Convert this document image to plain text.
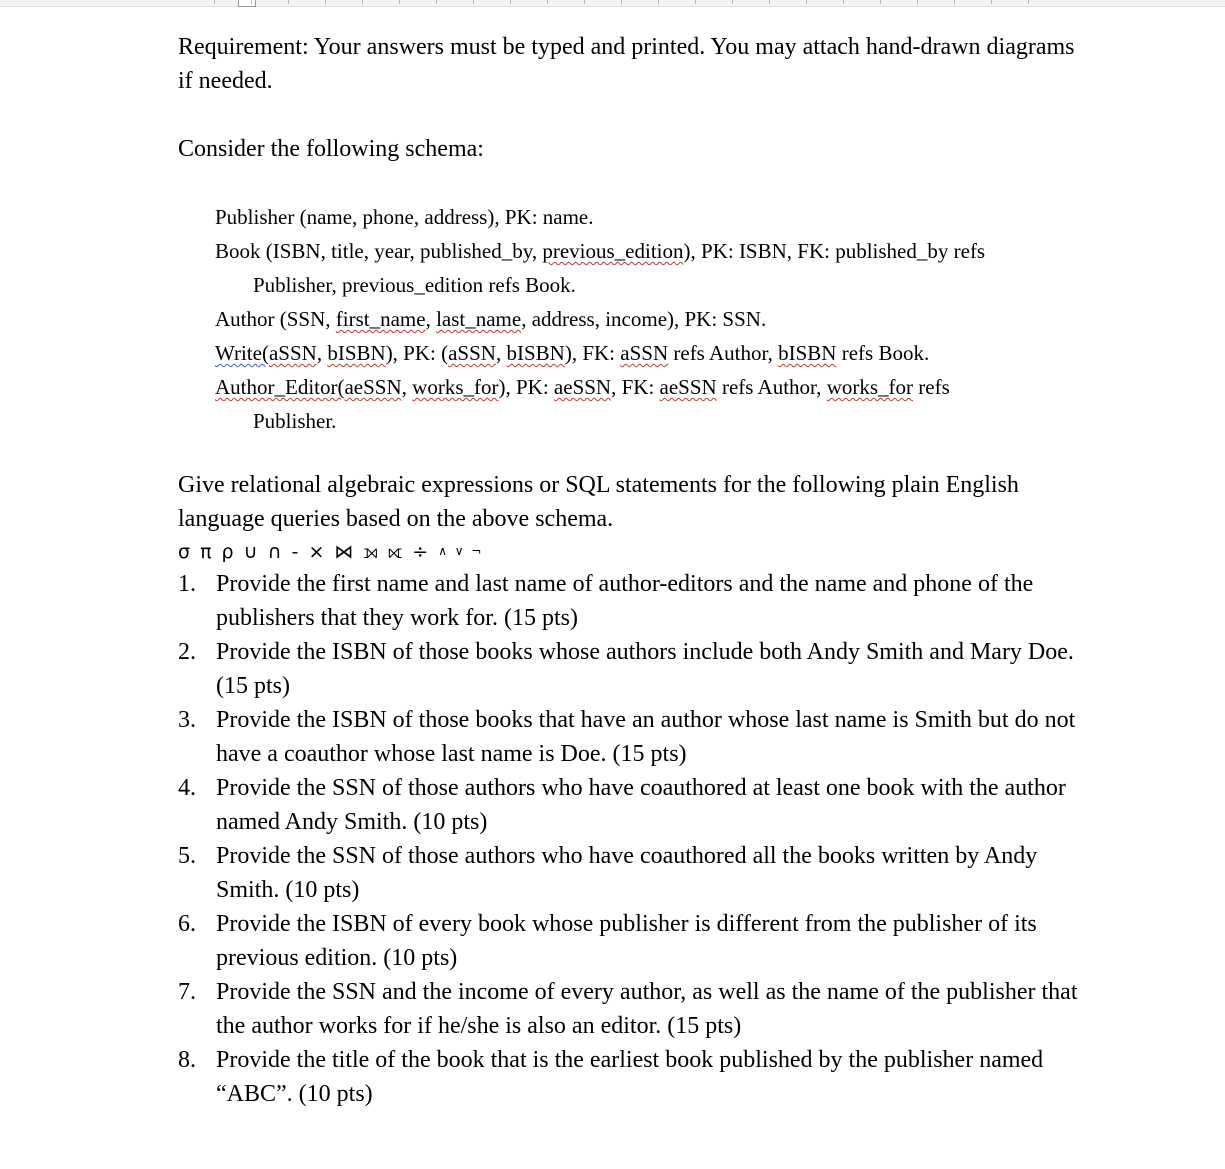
Requirement: Your answers must be typed and printed. You may attach hand-drawn diagrams if needed.

Consider the following schema:

Publisher (name, phone, address), PK: name.

Book (ISBN, title, year, published_by, previous_edition), PK: ISBN, FK: published_by refs

Publisher, previous_edition refs Book.

Author (SSN, first_name, last_name, address, income), PK: SSN.

Write(aSSN, bISBN), PK: (aSSN, bISBN), FK: aSSN refs Author, bISBN refs Book.

Author_Editor(aeSSN, works_for), PK: aeSSN, FK: aeSSN refs Author, works_for refs

Publisher.

Give relational algebraic expressions or SQL statements for the following plain English language queries based on the above schema.

σ π ρ ∪ ∩ - × ⋈ ⟕ ⟖ ÷ ∧ ∨ ¬

1. Provide the first name and last name of author-editors and the name and phone of the publishers that they work for. (15 pts)
2. Provide the ISBN of those books whose authors include both Andy Smith and Mary Doe. (15 pts)
3. Provide the ISBN of those books that have an author whose last name is Smith but do not have a coauthor whose last name is Doe. (15 pts)
4. Provide the SSN of those authors who have coauthored at least one book with the author named Andy Smith. (10 pts)
5. Provide the SSN of those authors who have coauthored all the books written by Andy Smith. (10 pts)
6. Provide the ISBN of every book whose publisher is different from the publisher of its previous edition. (10 pts)
7. Provide the SSN and the income of every author, as well as the name of the publisher that the author works for if he/she is also an editor. (15 pts)
8. Provide the title of the book that is the earliest book published by the publisher named “ABC”. (10 pts)
